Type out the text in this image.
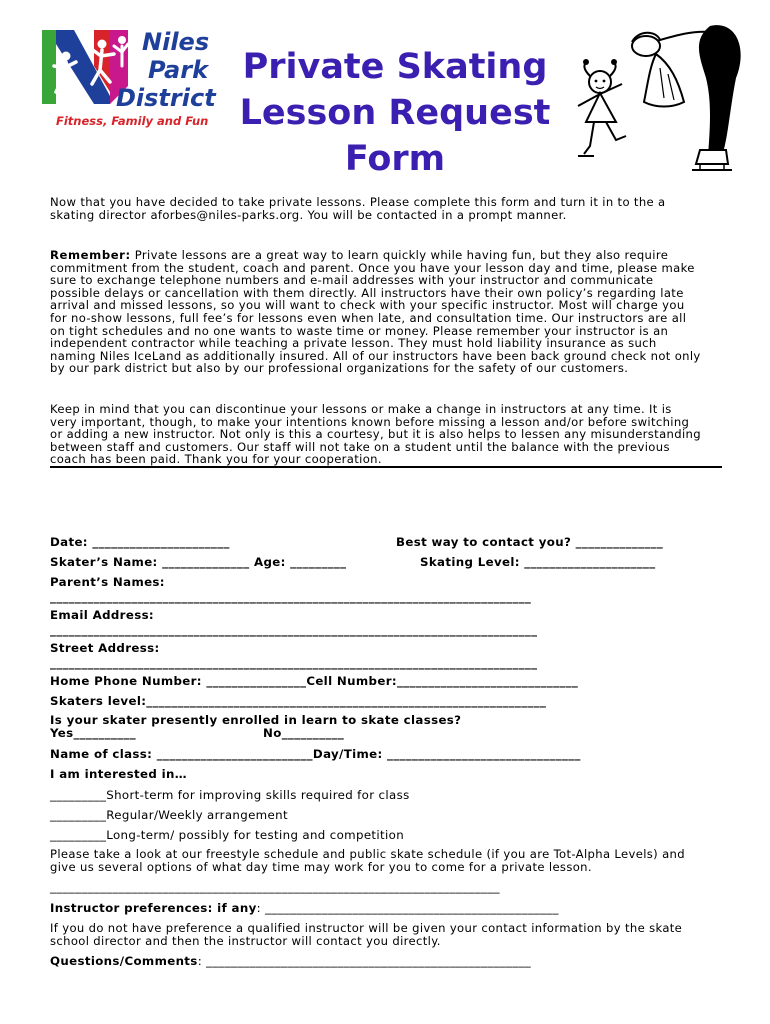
Niles
Park
District
Fitness, Family and Fun
Private Skating
Lesson Request
Form
Now that you have decided to take private lessons. Please complete this form and turn it in to the a
skating director aforbes@niles-parks.org. You will be contacted in a prompt manner.
Remember: Private lessons are a great way to learn quickly while having fun, but they also require
commitment from the student, coach and parent. Once you have your lesson day and time, please make
sure to exchange telephone numbers and e-mail addresses with your instructor and communicate
possible delays or cancellation with them directly. All instructors have their own policy’s regarding late
arrival and missed lessons, so you will want to check with your specific instructor. Most will charge you
for no-show lessons, full fee’s for lessons even when late, and consultation time. Our instructors are all
on tight schedules and no one wants to waste time or money. Please remember your instructor is an
independent contractor while teaching a private lesson. They must hold liability insurance as such
naming Niles IceLand as additionally insured. All of our instructors have been back ground check not only
by our park district but also by our professional organizations for the safety of our customers.
Keep in mind that you can discontinue your lessons or make a change in instructors at any time. It is
very important, though, to make your intentions known before missing a lesson and/or before switching
or adding a new instructor. Not only is this a courtesy, but it is also helps to lessen any misunderstanding
between staff and customers. Our staff will not take on a student until the balance with the previous
coach has been paid. Thank you for your cooperation.
Date: ______________________	Best way to contact you? ______________
Skater’s Name: ______________ Age: _________	Skating Level: _____________________
Parent’s Names:
_____________________________________________________________________________
Email Address:
______________________________________________________________________________
Street Address:
______________________________________________________________________________
Home Phone Number: ________________Cell Number:_____________________________
Skaters level:________________________________________________________________
Is your skater presently enrolled in learn to skate classes?
Yes__________	No__________
Name of class: _________________________Day/Time: _______________________________
I am interested in…
_________Short-term for improving skills required for class
_________Regular/Weekly arrangement
_________Long-term/ possibly for testing and competition
Please take a look at our freestyle schedule and public skate schedule (if you are Tot-Alpha Levels) and
give us several options of what day time may work for you to come for a private lesson.
________________________________________________________________________
Instructor preferences: if any: _______________________________________________
If you do not have preference a qualified instructor will be given your contact information by the skate
school director and then the instructor will contact you directly.
Questions/Comments: ____________________________________________________
